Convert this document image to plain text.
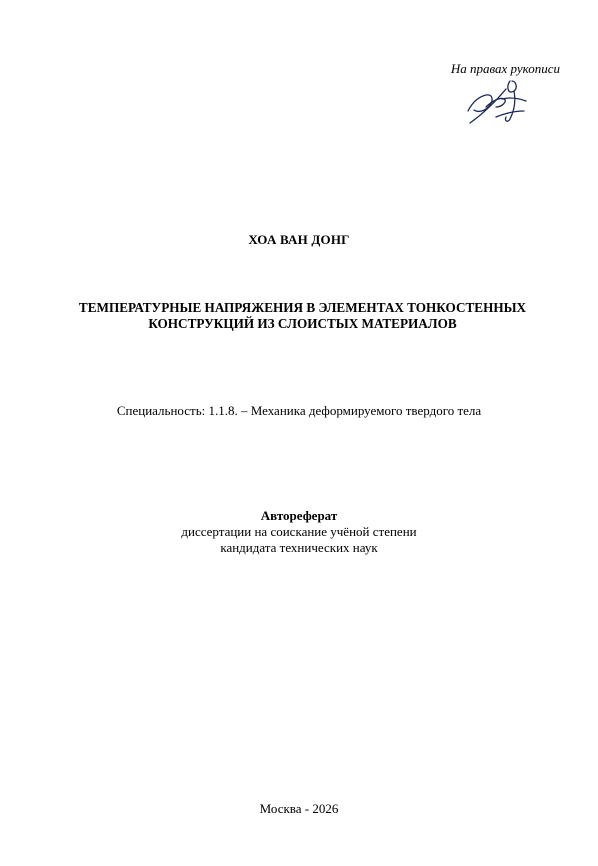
На правах рукописи
ХОА ВАН ДОНГ
ТЕМПЕРАТУРНЫЕ НАПРЯЖЕНИЯ В ЭЛЕМЕНТАХ ТОНКОСТЕННЫХ
КОНСТРУКЦИЙ ИЗ СЛОИСТЫХ МАТЕРИАЛОВ
Специальность: 1.1.8. – Механика деформируемого твердого тела
Автореферат
диссертации на соискание учёной степени
кандидата технических наук
Москва - 2026
